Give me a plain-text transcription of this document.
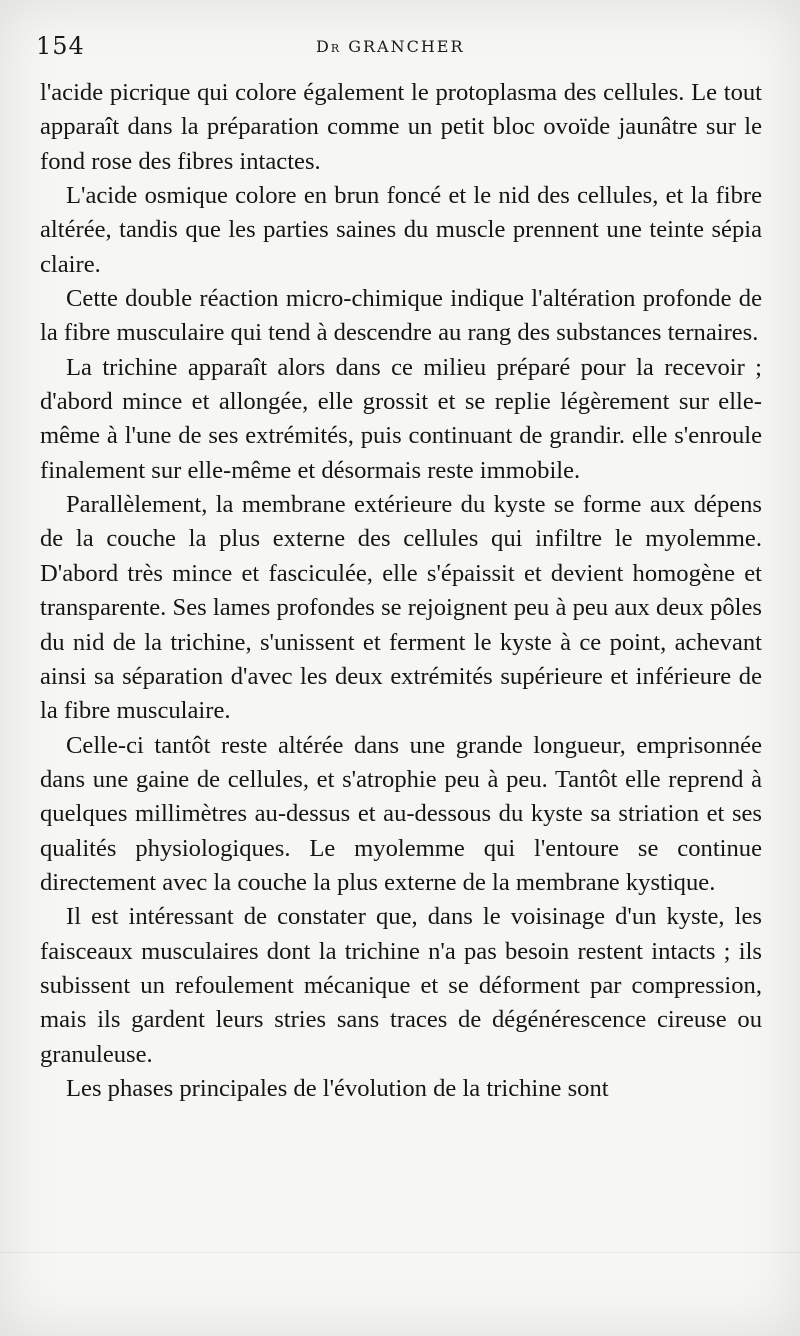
154	Dr GRANCHER

l'acide picrique qui colore également le protoplasma des cellules. Le tout apparaît dans la préparation comme un petit bloc ovoïde jaunâtre sur le fond rose des fibres intactes.

L'acide osmique colore en brun foncé et le nid des cellules, et la fibre altérée, tandis que les parties saines du muscle prennent une teinte sépia claire.

Cette double réaction micro-chimique indique l'altération profonde de la fibre musculaire qui tend à descendre au rang des substances ternaires.

La trichine apparaît alors dans ce milieu préparé pour la recevoir ; d'abord mince et allongée, elle grossit et se replie légèrement sur elle-même à l'une de ses extrémités, puis continuant de grandir. elle s'enroule finalement sur elle-même et désormais reste immobile.

Parallèlement, la membrane extérieure du kyste se forme aux dépens de la couche la plus externe des cellules qui infiltre le myolemme. D'abord très mince et fasciculée, elle s'épaissit et devient homogène et transparente. Ses lames profondes se rejoignent peu à peu aux deux pôles du nid de la trichine, s'unissent et ferment le kyste à ce point, achevant ainsi sa séparation d'avec les deux extrémités supérieure et inférieure de la fibre musculaire.

Celle-ci tantôt reste altérée dans une grande longueur, emprisonnée dans une gaine de cellules, et s'atrophie peu à peu. Tantôt elle reprend à quelques millimètres au-dessus et au-dessous du kyste sa striation et ses qualités physiologiques. Le myolemme qui l'entoure se continue directement avec la couche la plus externe de la membrane kystique.

Il est intéressant de constater que, dans le voisinage d'un kyste, les faisceaux musculaires dont la trichine n'a pas besoin restent intacts ; ils subissent un refoulement mécanique et se déforment par compression, mais ils gardent leurs stries sans traces de dégénérescence cireuse ou granuleuse.

Les phases principales de l'évolution de la trichine sont
